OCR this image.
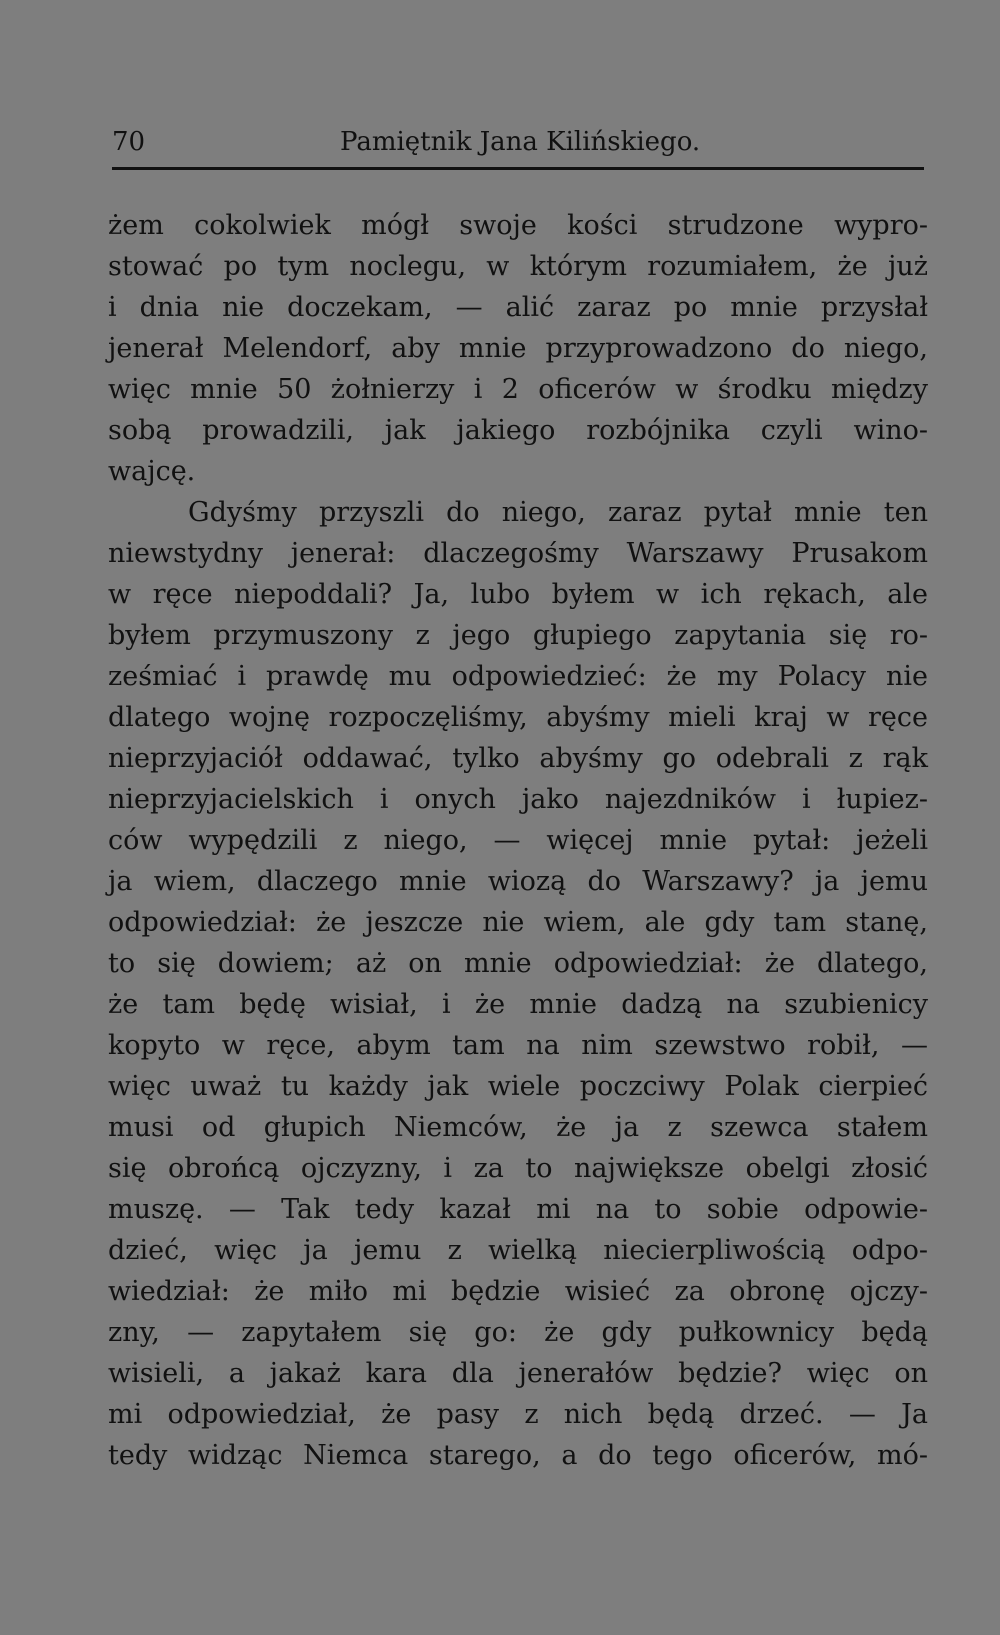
70	Pamiętnik Jana Kilińskiego.
żem cokolwiek mógł swoje kości strudzone wypro-
stować po tym noclegu, w którym rozumiałem, że już
i dnia nie doczekam, — alić zaraz po mnie przysłał
jenerał Melendorf, aby mnie przyprowadzono do niego,
więc mnie 50 żołnierzy i 2 oficerów w środku między
sobą prowadzili, jak jakiego rozbójnika czyli wino-
wajcę.
Gdyśmy przyszli do niego, zaraz pytał mnie ten
niewstydny jenerał: dlaczegośmy Warszawy Prusakom
w ręce niepoddali? Ja, lubo byłem w ich rękach, ale
byłem przymuszony z jego głupiego zapytania się ro-
ześmiać i prawdę mu odpowiedzieć: że my Polacy nie
dlatego wojnę rozpoczęliśmy, abyśmy mieli kraj w ręce
nieprzyjaciół oddawać, tylko abyśmy go odebrali z rąk
nieprzyjacielskich i onych jako najezdników i łupiez-
ców wypędzili z niego, — więcej mnie pytał: jeżeli
ja wiem, dlaczego mnie wiozą do Warszawy? ja jemu
odpowiedział: że jeszcze nie wiem, ale gdy tam stanę,
to się dowiem; aż on mnie odpowiedział: że dlatego,
że tam będę wisiał, i że mnie dadzą na szubienicy
kopyto w ręce, abym tam na nim szewstwo robił, —
więc uważ tu każdy jak wiele poczciwy Polak cierpieć
musi od głupich Niemców, że ja z szewca stałem
się obrońcą ojczyzny, i za to największe obelgi złosić
muszę. — Tak tedy kazał mi na to sobie odpowie-
dzieć, więc ja jemu z wielką niecierpliwością odpo-
wiedział: że miło mi będzie wisieć za obronę ojczy-
zny, — zapytałem się go: że gdy pułkownicy będą
wisieli, a jakaż kara dla jenerałów będzie? więc on
mi odpowiedział, że pasy z nich będą drzeć. — Ja
tedy widząc Niemca starego, a do tego oficerów, mó-
